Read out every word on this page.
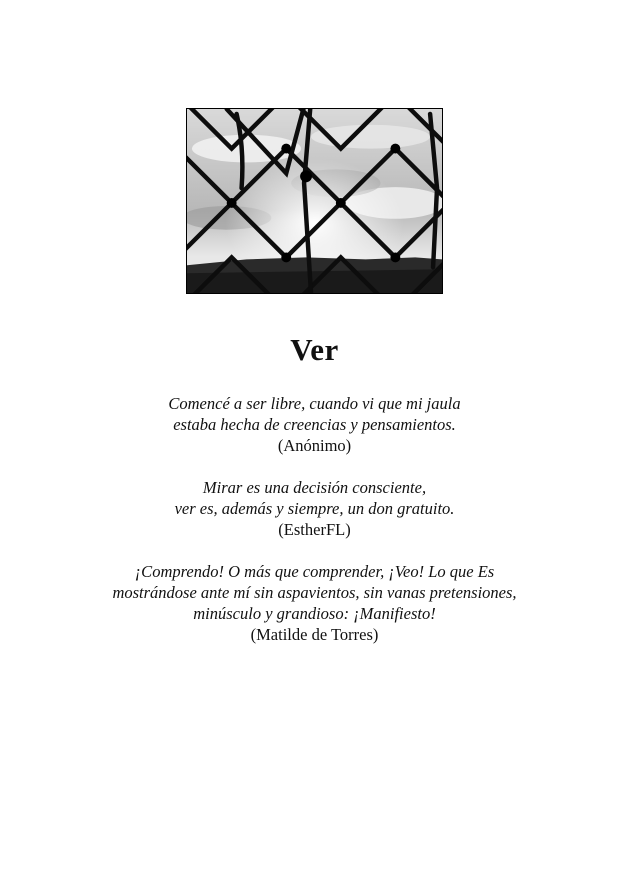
Ver
Comencé a ser libre, cuando vi que mi jaula
estaba hecha de creencias y pensamientos.
(Anónimo)
Mirar es una decisión consciente,
ver es, además y siempre, un don gratuito.
(EstherFL)
¡Comprendo! O más que comprender, ¡Veo! Lo que Es
mostrándose ante mí sin aspavientos, sin vanas pretensiones,
minúsculo y grandioso: ¡Manifiesto!
(Matilde de Torres)
